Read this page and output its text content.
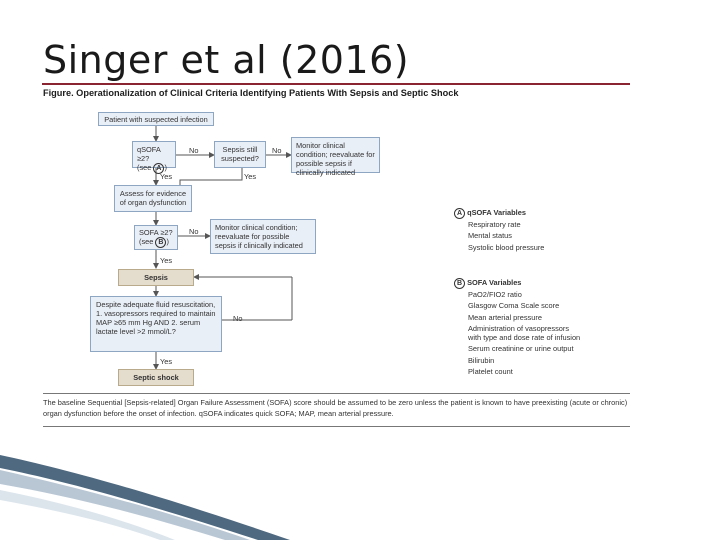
Singer et al (2016)
Figure. Operationalization of Clinical Criteria Identifying Patients With Sepsis and Septic Shock
Patient with suspected infection
qSOFA ≥2?
(see A )
Sepsis still suspected?
Monitor clinical condition; reevaluate for possible sepsis if clinically indicated
Assess for evidence of organ dysfunction
SOFA ≥2?
(see B )
Monitor clinical condition; reevaluate for possible sepsis if clinically indicated
Sepsis
Despite adequate fluid resuscitation, 1. vasopressors required to maintain MAP ≥65 mm Hg AND 2. serum lactate level >2 mmol/L?
Septic shock
No	No
Yes	Yes
No
Yes
No
Yes
A qSOFA Variables
Respiratory rate
Mental status
Systolic blood pressure
B SOFA Variables
PaO2/FIO2 ratio
Glasgow Coma Scale score
Mean arterial pressure
Administration of vasopressors
with type and dose rate of infusion
Serum creatinine or urine output
Bilirubin
Platelet count
The baseline Sequential [Sepsis-related] Organ Failure Assessment (SOFA) score should be assumed to be zero unless the patient is known to have preexisting (acute or chronic) organ dysfunction before the onset of infection. qSOFA indicates quick SOFA; MAP, mean arterial pressure.
